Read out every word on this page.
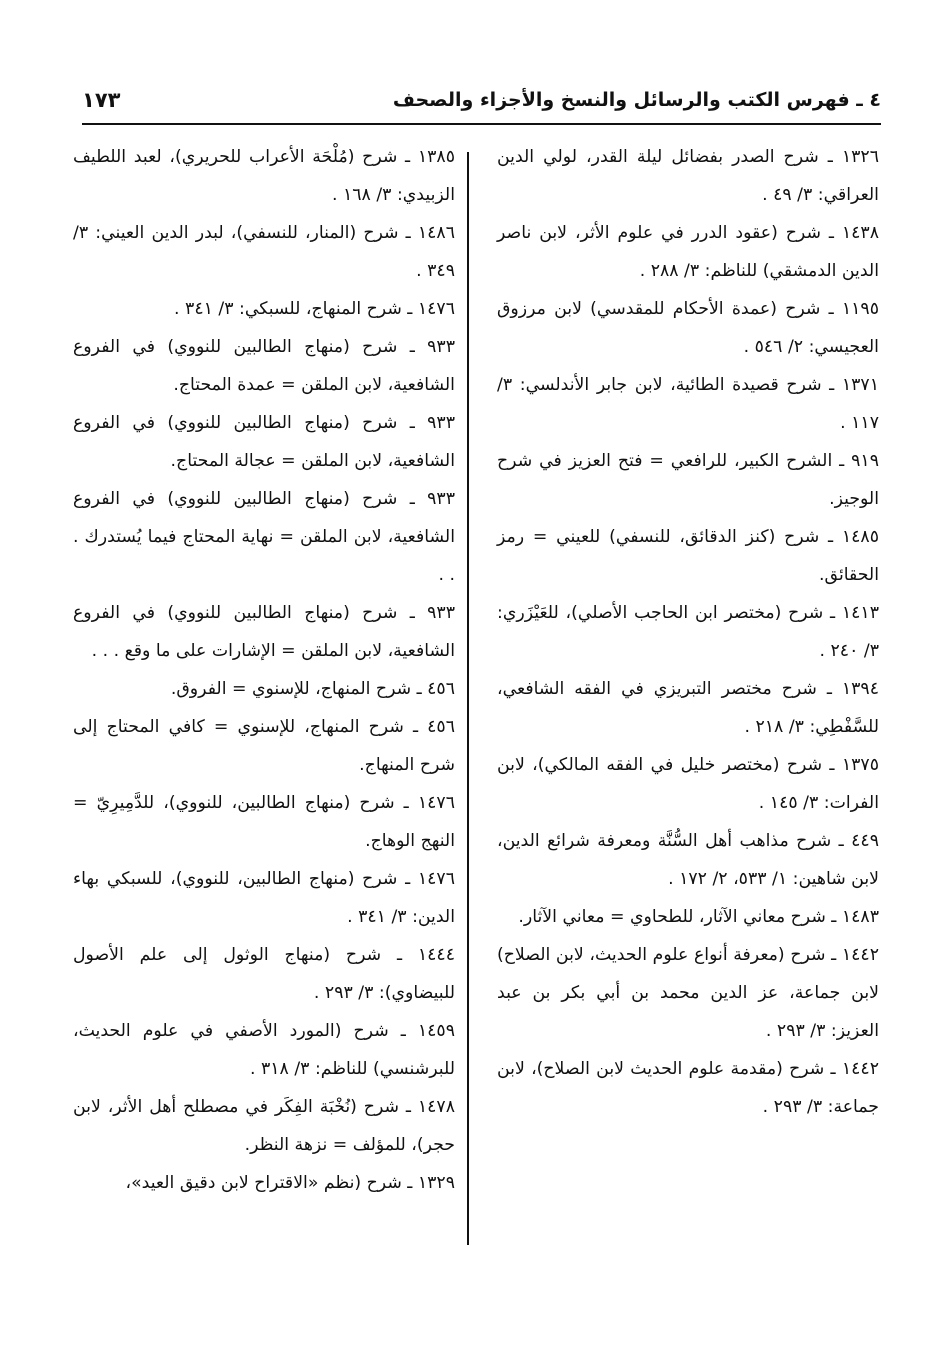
٤ ـ فهرس الكتب والرسائل والنسخ والأجزاء والصحف
١٧٣

١٣٢٦ ـ شرح الصدر بفضائل ليلة القدر، لولي الدين العراقي: ٣/ ٤٩ .

١٤٣٨ ـ شرح (عقود الدرر في علوم الأثر، لابن ناصر الدين الدمشقي) للناظم: ٣/ ٢٨٨ .

١١٩٥ ـ شرح (عمدة الأحكام للمقدسي) لابن مرزوق العجيسي: ٢/ ٥٤٦ .

١٣٧١ ـ شرح قصيدة الطائية، لابن جابر الأندلسي: ٣/ ١١٧ .

٩١٩ ـ الشرح الكبير، للرافعي = فتح العزيز في شرح الوجيز.

١٤٨٥ ـ شرح (كنز الدقائق، للنسفي) للعيني = رمز الحقائق.

١٤١٣ ـ شرح (مختصر ابن الحاجب الأصلي)، للعَيْزَري: ٣/ ٢٤٠ .

١٣٩٤ ـ شرح مختصر التبريزي في الفقه الشافعي، للسَّفْطِي: ٣/ ٢١٨ .

١٣٧٥ ـ شرح (مختصر خليل في الفقه المالكي)، لابن الفرات: ٣/ ١٤٥ .

٤٤٩ ـ شرح مذاهب أهل السُّنَّة ومعرفة شرائع الدين، لابن شاهين: ١/ ٥٣٣، ٢/ ١٧٢ .

١٤٨٣ ـ شرح معاني الآثار، للطحاوي = معاني الآثار.

١٤٤٢ ـ شرح (معرفة أنواع علوم الحديث، لابن الصلاح) لابن جماعة، عز الدين محمد بن أبي بكر بن عبد العزيز: ٣/ ٢٩٣ .

١٤٤٢ ـ شرح (مقدمة علوم الحديث لابن الصلاح)، لابن جماعة: ٣/ ٢٩٣ .

١٣٨٥ ـ شرح (مُلْحَة الأعراب للحريري)، لعبد اللطيف الزبيدي: ٣/ ١٦٨ .

١٤٨٦ ـ شرح (المنار، للنسفي)، لبدر الدين العيني: ٣/ ٣٤٩ .

١٤٧٦ ـ شرح المنهاج، للسبكي: ٣/ ٣٤١ .

٩٣٣ ـ شرح (منهاج الطالبين للنووي) في الفروع الشافعية، لابن الملقن = عمدة المحتاج.

٩٣٣ ـ شرح (منهاج الطالبين للنووي) في الفروع الشافعية، لابن الملقن = عجالة المحتاج.

٩٣٣ ـ شرح (منهاج الطالبين للنووي) في الفروع الشافعية، لابن الملقن = نهاية المحتاج فيما يُستدرك . . .

٩٣٣ ـ شرح (منهاج الطالبين للنووي) في الفروع الشافعية، لابن الملقن = الإشارات على ما وقع . . .

٤٥٦ ـ شرح المنهاج، للإسنوي = الفروق.

٤٥٦ ـ شرح المنهاج، للإسنوي = كافي المحتاج إلى شرح المنهاج.

١٤٧٦ ـ شرح (منهاج الطالبين، للنووي)، للدَّمِيرِيّ = النهج الوهاج.

١٤٧٦ ـ شرح (منهاج الطالبين، للنووي)، للسبكي بهاء الدين: ٣/ ٣٤١ .

١٤٤٤ ـ شرح (منهاج الوثول إلى علم الأصول للبيضاوي): ٣/ ٢٩٣ .

١٤٥٩ ـ شرح (المورد الأصفي في علوم الحديث، للبرشنسي) للناظم: ٣/ ٣١٨ .

١٤٧٨ ـ شرح (نُخْبَة الفِكَر في مصطلح أهل الأثر، لابن حجر)، للمؤلف = نزهة النظر.

١٣٢٩ ـ شرح (نظم «الاقتراح لابن دقيق العيد»،
